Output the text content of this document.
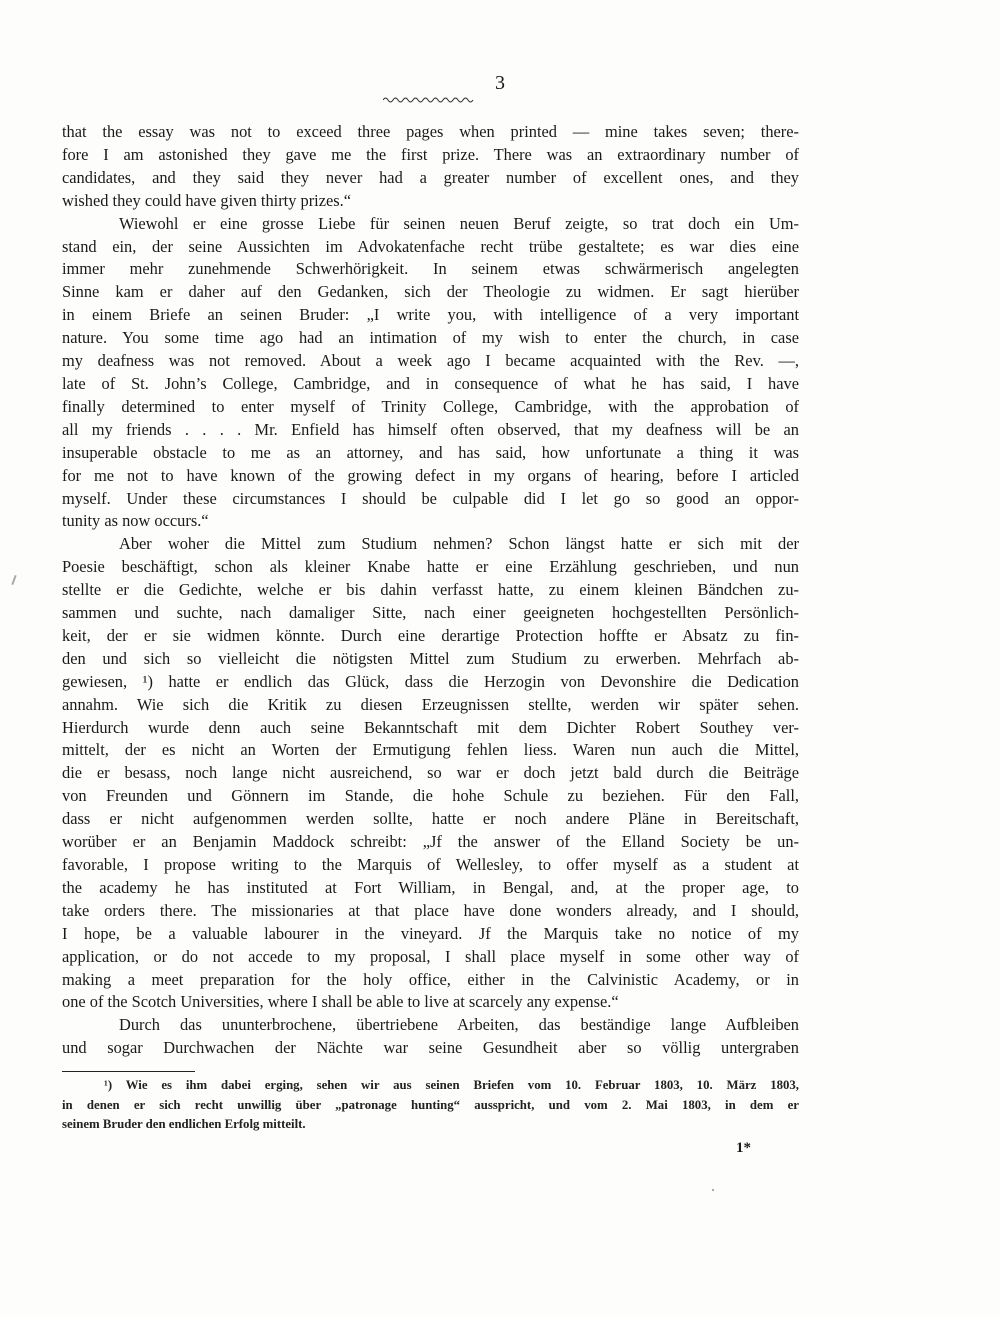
3
that the essay was not to exceed three pages when printed — mine takes seven; there-
fore I am astonished they gave me the first prize. There was an extraordinary number of
candidates, and they said they never had a greater number of excellent ones, and they
wished they could have given thirty prizes.“
Wiewohl er eine grosse Liebe für seinen neuen Beruf zeigte, so trat doch ein Um-
stand ein, der seine Aussichten im Advokatenfache recht trübe gestaltete; es war dies eine
immer mehr zunehmende Schwerhörigkeit. In seinem etwas schwärmerisch angelegten
Sinne kam er daher auf den Gedanken, sich der Theologie zu widmen. Er sagt hierüber
in einem Briefe an seinen Bruder: „I write you, with intelligence of a very important
nature. You some time ago had an intimation of my wish to enter the church, in case
my deafness was not removed. About a week ago I became acquainted with the Rev. —,
late of St. John’s College, Cambridge, and in consequence of what he has said, I have
finally determined to enter myself of Trinity College, Cambridge, with the approbation of
all my friends . . . . Mr. Enfield has himself often observed, that my deafness will be an
insuperable obstacle to me as an attorney, and has said, how unfortunate a thing it was
for me not to have known of the growing defect in my organs of hearing, before I articled
myself. Under these circumstances I should be culpable did I let go so good an oppor-
tunity as now occurs.“
Aber woher die Mittel zum Studium nehmen? Schon längst hatte er sich mit der
Poesie beschäftigt, schon als kleiner Knabe hatte er eine Erzählung geschrieben, und nun
stellte er die Gedichte, welche er bis dahin verfasst hatte, zu einem kleinen Bändchen zu-
sammen und suchte, nach damaliger Sitte, nach einer geeigneten hochgestellten Persönlich-
keit, der er sie widmen könnte. Durch eine derartige Protection hoffte er Absatz zu fin-
den und sich so vielleicht die nötigsten Mittel zum Studium zu erwerben. Mehrfach ab-
gewiesen, ¹) hatte er endlich das Glück, dass die Herzogin von Devonshire die Dedication
annahm. Wie sich die Kritik zu diesen Erzeugnissen stellte, werden wir später sehen.
Hierdurch wurde denn auch seine Bekanntschaft mit dem Dichter Robert Southey ver-
mittelt, der es nicht an Worten der Ermutigung fehlen liess. Waren nun auch die Mittel,
die er besass, noch lange nicht ausreichend, so war er doch jetzt bald durch die Beiträge
von Freunden und Gönnern im Stande, die hohe Schule zu beziehen. Für den Fall,
dass er nicht aufgenommen werden sollte, hatte er noch andere Pläne in Bereitschaft,
worüber er an Benjamin Maddock schreibt: „Jf the answer of the Elland Society be un-
favorable, I propose writing to the Marquis of Wellesley, to offer myself as a student at
the academy he has instituted at Fort William, in Bengal, and, at the proper age, to
take orders there. The missionaries at that place have done wonders already, and I should,
I hope, be a valuable labourer in the vineyard. Jf the Marquis take no notice of my
application, or do not accede to my proposal, I shall place myself in some other way of
making a meet preparation for the holy office, either in the Calvinistic Academy, or in
one of the Scotch Universities, where I shall be able to live at scarcely any expense.“
Durch das ununterbrochene, übertriebene Arbeiten, das beständige lange Aufbleiben
und sogar Durchwachen der Nächte war seine Gesundheit aber so völlig untergraben
¹) Wie es ihm dabei erging, sehen wir aus seinen Briefen vom 10. Februar 1803, 10. März 1803,
in denen er sich recht unwillig über „patronage hunting“ ausspricht, und vom 2. Mai 1803, in dem er
seinem Bruder den endlichen Erfolg mitteilt.
1*
